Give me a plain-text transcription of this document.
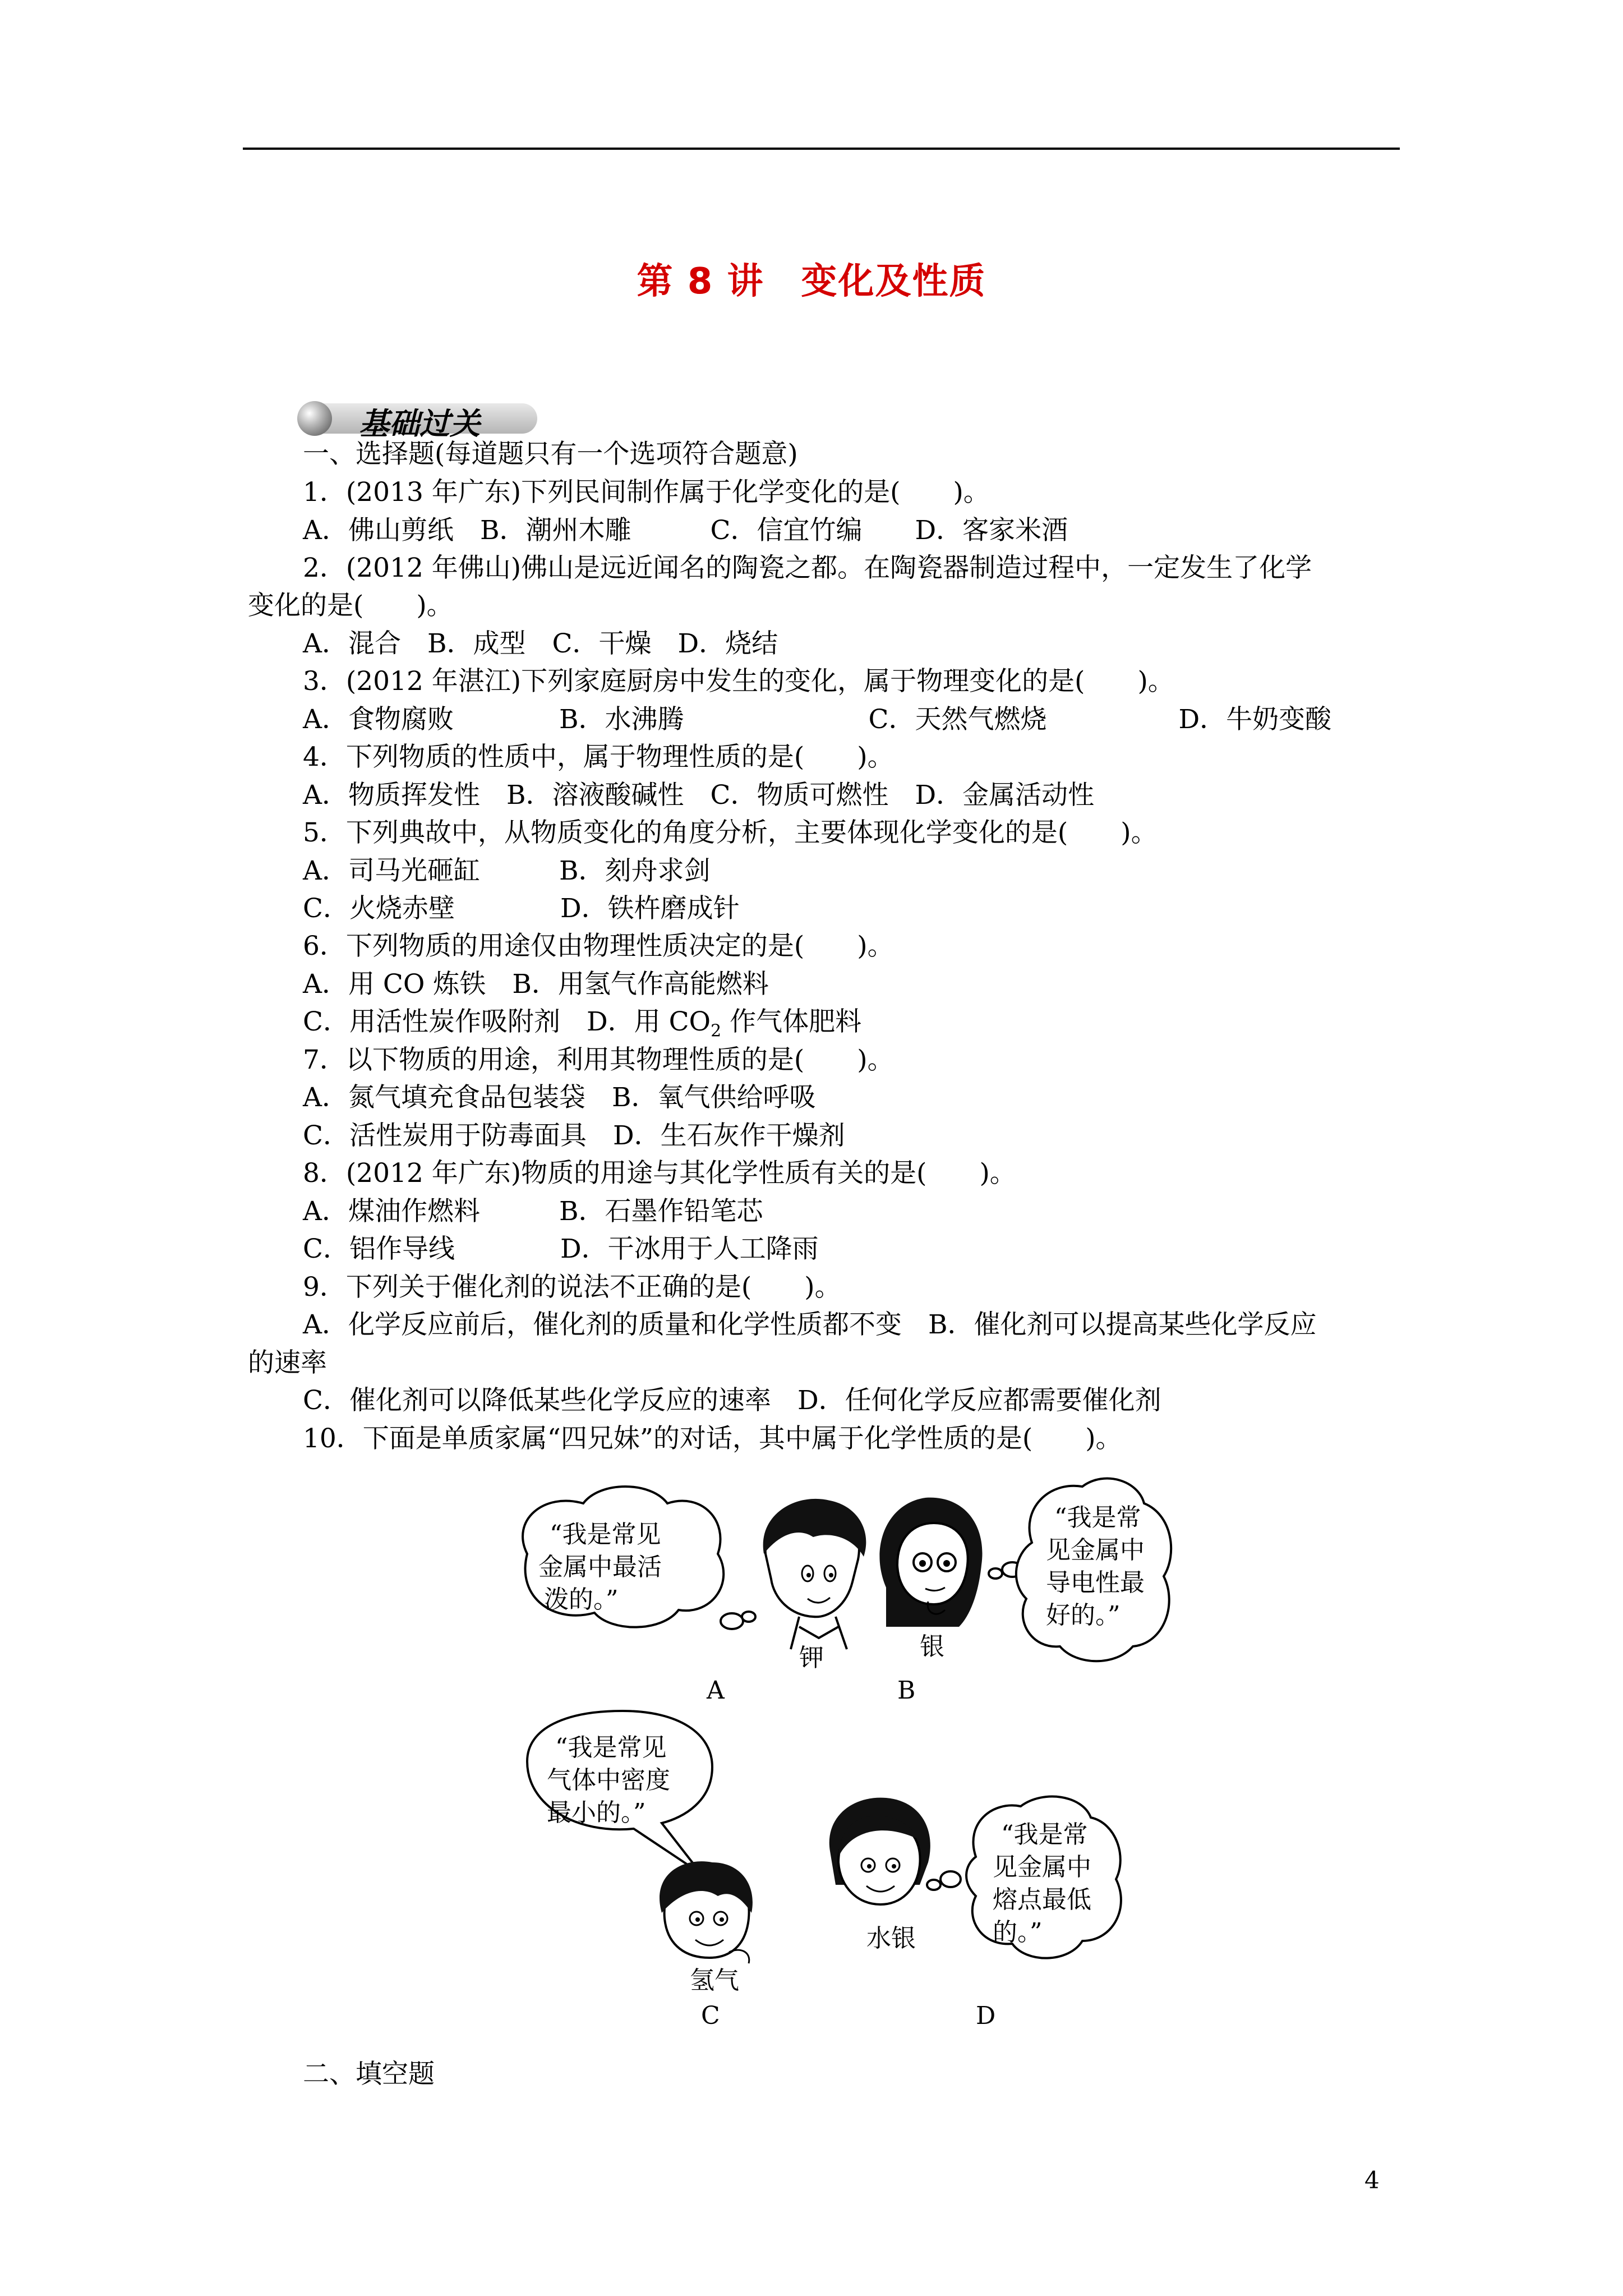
第 8 讲　变化及性质
基础过关
一、选择题(每道题只有一个选项符合题意)
1．(2013 年广东)下列民间制作属于化学变化的是(　　)。
A．佛山剪纸　B．潮州木雕　　　C．信宜竹编　　D．客家米酒
2．(2012 年佛山)佛山是远近闻名的陶瓷之都。在陶瓷器制造过程中，一定发生了化学
变化的是(　　)。
A．混合　B．成型　C．干燥　D．烧结
3．(2012 年湛江)下列家庭厨房中发生的变化，属于物理变化的是(　　)。
A．食物腐败　　　　B．水沸腾　　　　　　　C．天然气燃烧　　　　　D．牛奶变酸
4．下列物质的性质中，属于物理性质的是(　　)。
A．物质挥发性　B．溶液酸碱性　C．物质可燃性　D．金属活动性
5．下列典故中，从物质变化的角度分析，主要体现化学变化的是(　　)。
A．司马光砸缸　　　B．刻舟求剑
C．火烧赤壁　　　　D．铁杵磨成针
6．下列物质的用途仅由物理性质决定的是(　　)。
A．用 CO 炼铁　B．用氢气作高能燃料
C．用活性炭作吸附剂　D．用 $CO_2$ 作气体肥料
7．以下物质的用途，利用其物理性质的是(　　)。
A．氮气填充食品包装袋　B．氧气供给呼吸
C．活性炭用于防毒面具　D．生石灰作干燥剂
8．(2012 年广东)物质的用途与其化学性质有关的是(　　)。
A．煤油作燃料　　　B．石墨作铅笔芯
C．铝作导线　　　　D．干冰用于人工降雨
9．下列关于催化剂的说法不正确的是(　　)。
A．化学反应前后，催化剂的质量和化学性质都不变　B．催化剂可以提高某些化学反应
的速率
C．催化剂可以降低某些化学反应的速率　D．任何化学反应都需要催化剂
10．下面是单质家属“四兄妹”的对话，其中属于化学性质的是(　　)。
“我是常见
金属中最活
泼的。”
钾	银
“我是常
见金属中
导电性最
好的。”
A	B
“我是常见
气体中密度
最小的。”
氢气
水银
“我是常
见金属中
熔点最低
的。”
C	D
二、填空题
4
